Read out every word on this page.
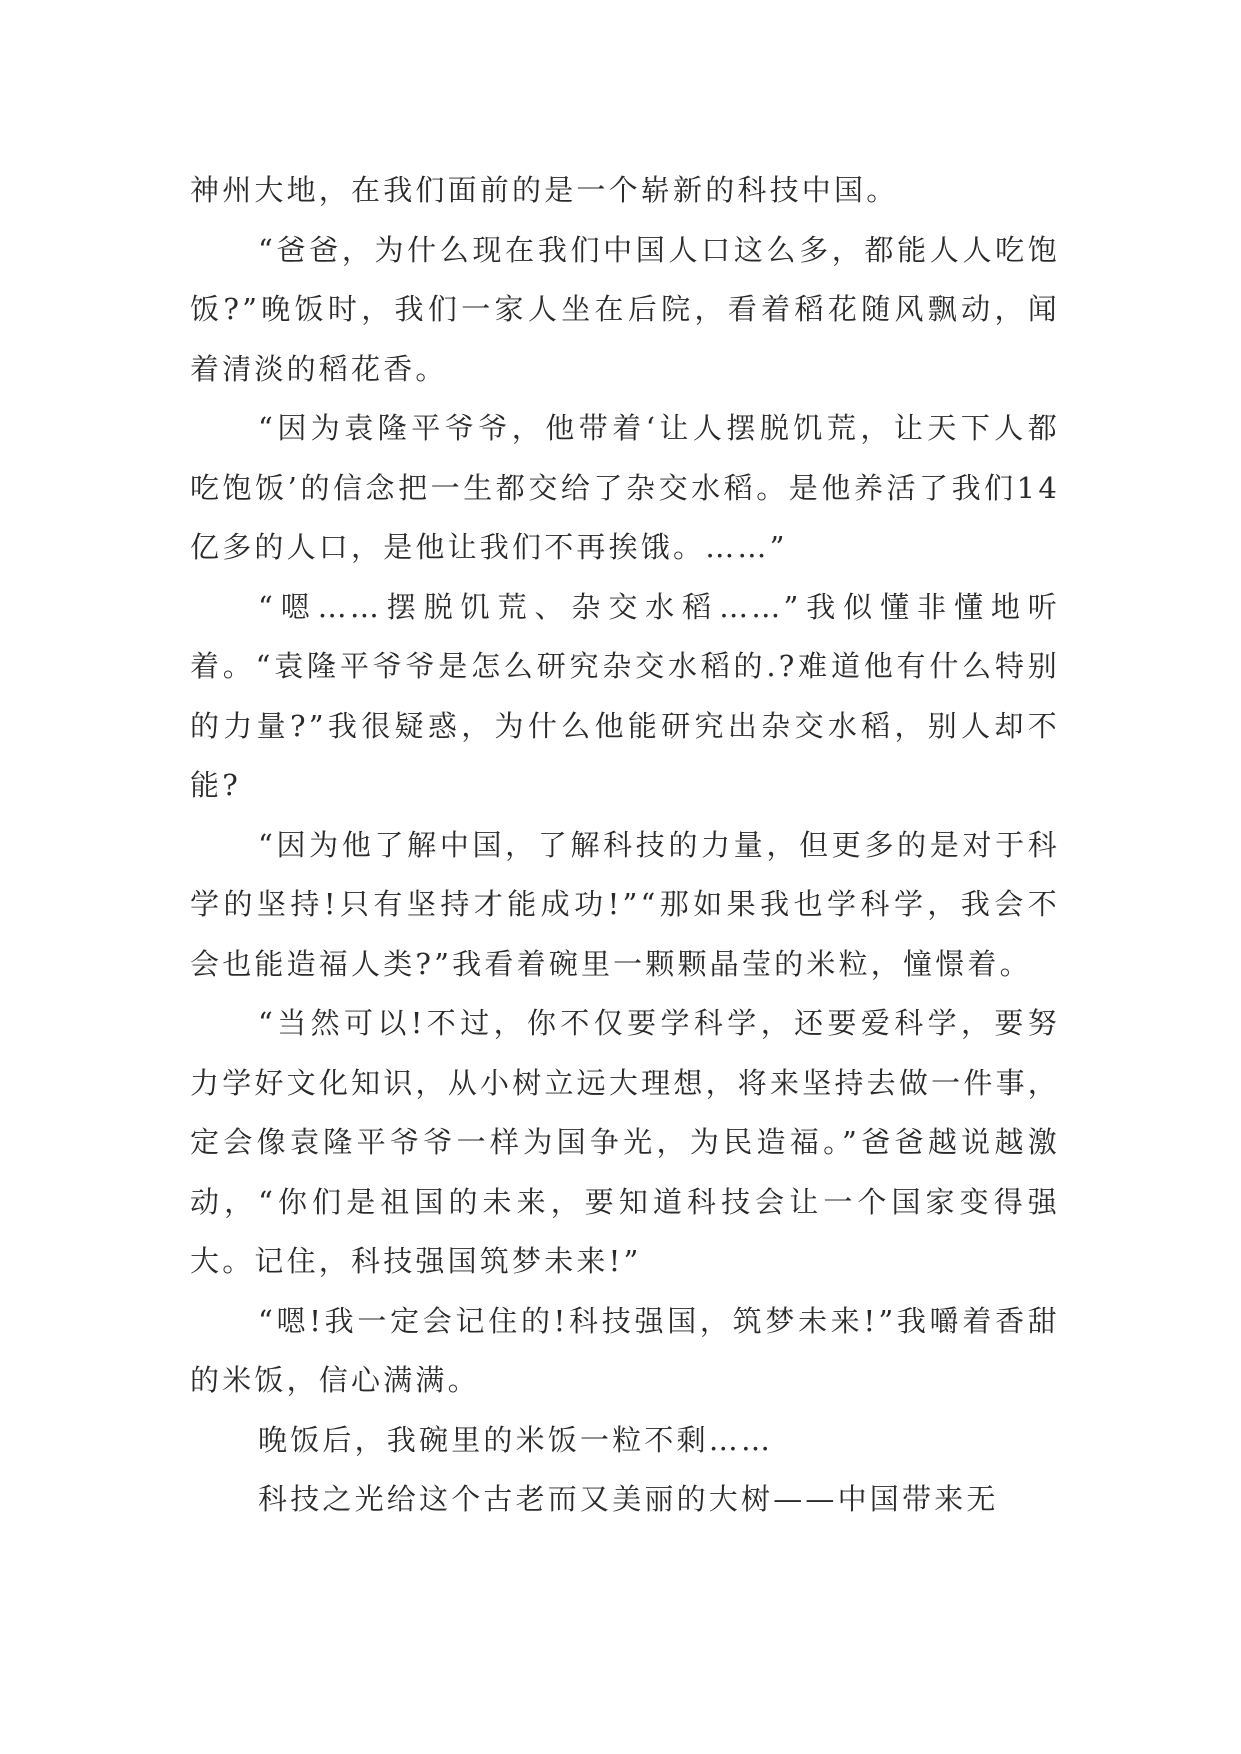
神州大地，在我们面前的是一个崭新的科技中国。

“爸爸，为什么现在我们中国人口这么多，都能人人吃饱饭?”晚饭时，我们一家人坐在后院，看着稻花随风飘动，闻着清淡的稻花香。

“因为袁隆平爷爷，他带着‘让人摆脱饥荒，让天下人都吃饱饭’的信念把一生都交给了杂交水稻。是他养活了我们14亿多的人口，是他让我们不再挨饿。……”

“嗯……摆脱饥荒、杂交水稻……”我似懂非懂地听着。“袁隆平爷爷是怎么研究杂交水稻的.?难道他有什么特别的力量?”我很疑惑，为什么他能研究出杂交水稻，别人却不能?

“因为他了解中国，了解科技的力量，但更多的是对于科学的坚持!只有坚持才能成功!”“那如果我也学科学，我会不会也能造福人类?”我看着碗里一颗颗晶莹的米粒，憧憬着。

“当然可以!不过，你不仅要学科学，还要爱科学，要努力学好文化知识，从小树立远大理想，将来坚持去做一件事，定会像袁隆平爷爷一样为国争光，为民造福。”爸爸越说越激动，“你们是祖国的未来，要知道科技会让一个国家变得强大。记住，科技强国筑梦未来!”

“嗯!我一定会记住的!科技强国，筑梦未来!”我嚼着香甜的米饭，信心满满。

晚饭后，我碗里的米饭一粒不剩……

科技之光给这个古老而又美丽的大树——中国带来无
